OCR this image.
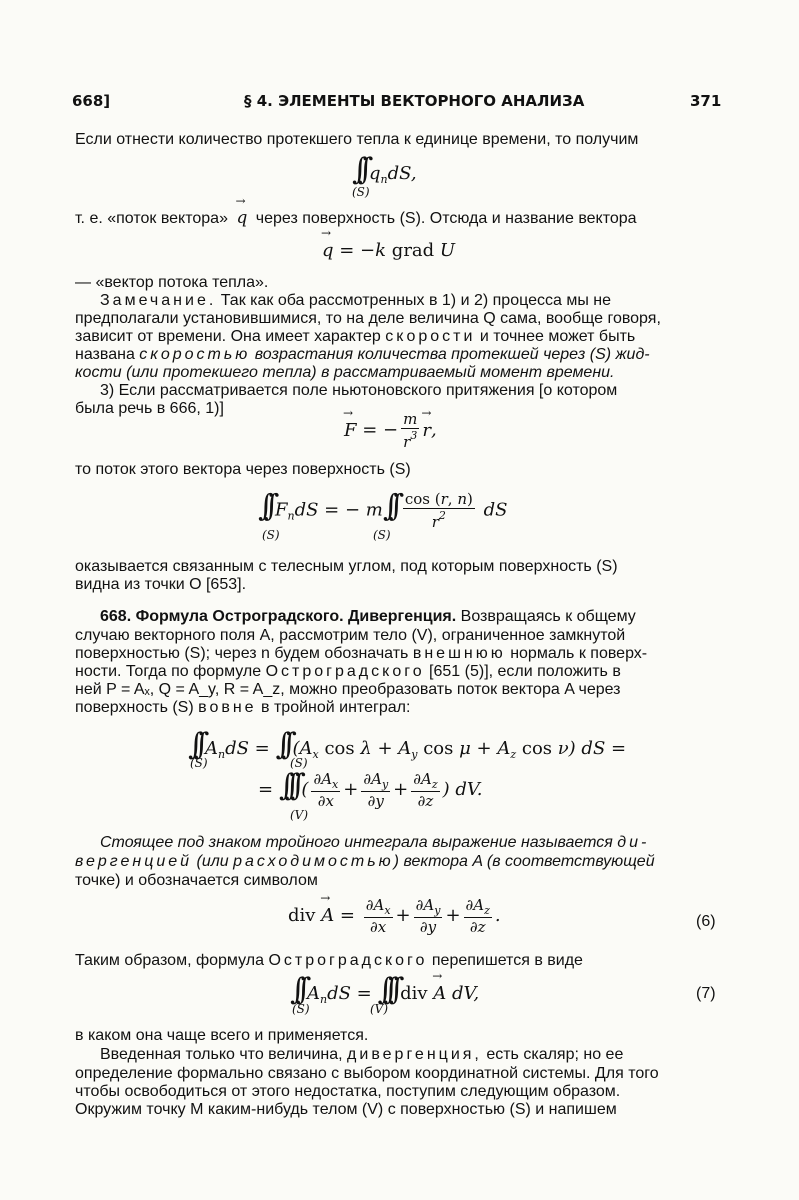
668]	§ 4. ЭЛЕМЕНТЫ ВЕКТОРНОГО АНАЛИЗА	371
Если отнести количество протекшего тепла к единице времени, то получим
∫∫ $q_ndS$,
(S)
т. е. «поток вектора» → q через поверхность (S). Отсюда и название вектора
→ q = −k grad U
— «вектор потока тепла».
Замечание. Так как оба рассмотренных в 1) и 2) процесса мы не
предполагали установившимися, то на деле величина Q сама, вообще говоря,
зависит от времени. Она имеет характер скорости и точнее может быть
названа скоростью возрастания количества протекшей через (S) жид-
кости (или протекшего тепла) в рассматриваемый момент времени.
3) Если рассматривается поле ньютоновского притяжения [о котором
была речь в 666, 1)]
→ F = − $\frac{m}{r^3}$
→ r,
то поток этого вектора через поверхность (S)
∫∫ $F_ndS$ = − $m\int\int \frac{\cos (r, n)}{r^2}$ dS
(S)	(S)
оказывается связанным с телесным углом, под которым поверхность (S)
видна из точки O [653].
668. Формула Остроградского. Дивергенция. Возвращаясь к общему
случаю векторного поля A, рассмотрим тело (V), ограниченное замкнутой
поверхностью (S); через n будем обозначать внешнюю нормаль к поверх-
ности. Тогда по формуле Остроградского [651 (5)], если положить в
ней P = Aₓ, Q = A_y, R = A_z, можно преобразовать поток вектора A через
поверхность (S) вовне в тройной интеграл:
∫∫ $A_ndS$ = ∫∫ ($A_x$ $\cos \lambda + A_y$ $\cos \mu + A_z$ cos ν) dS =
(S)	(S)
= ∫∫∫ ( $\frac{\partial A_x}{\partial x} + \frac{\partial A_y}{\partial y} + \frac{\partial A_z}{\partial z}$ ) dV.
(V)
Стоящее под знаком тройного интеграла выражение называется ди-
вергенцией (или расходимостью) вектора A (в соответствующей
точке) и обозначается символом
div → $A = \frac{\partial A_x}{\partial x} + \frac{\partial A_y}{\partial y} + \frac{\partial A_z}{\partial z}$ .	(6)
Таким образом, формула Остроградского перепишется в виде
∫∫ $A_ndS$ = ∫∫∫ div → A dV,
(S)	(V)
(7)
в каком она чаще всего и применяется.
Введенная только что величина, дивергенция, есть скаляр; но ее
определение формально связано с выбором координатной системы. Для того
чтобы освободиться от этого недостатка, поступим следующим образом.
Окружим точку M каким-нибудь телом (V) с поверхностью (S) и напишем
